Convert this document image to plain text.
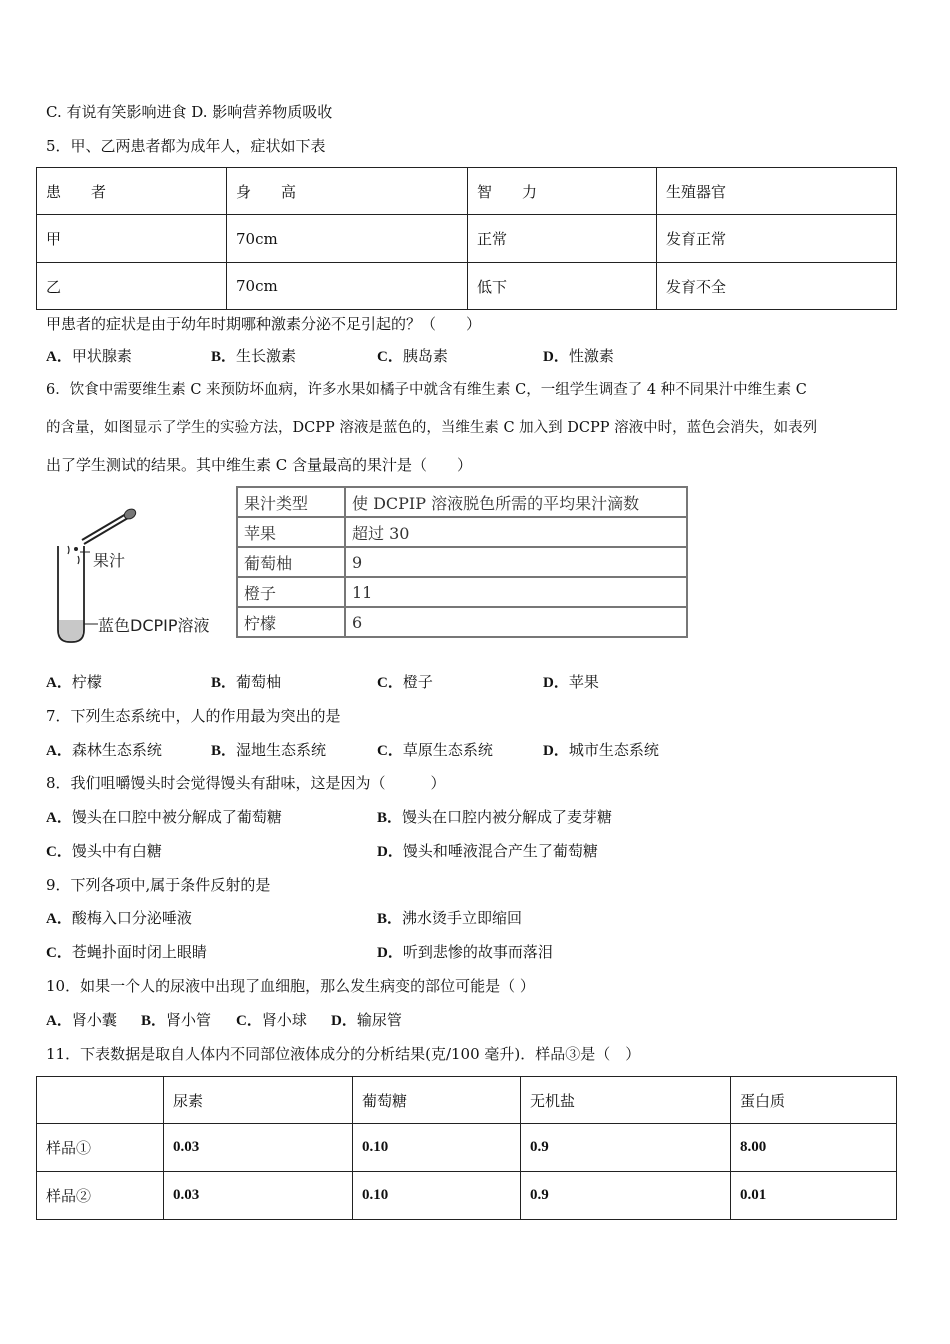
C. 有说有笑影响进食 D. 影响营养物质吸收
5．甲、乙两患者都为成年人，症状如下表
患　　者	身　　高	智　　力	生殖器官
甲	70cm	正常	发育正常
乙	70cm	低下	发育不全
甲患者的症状是由于幼年时期哪种激素分泌不足引起的？（　　）
A．甲状腺素	B．生长激素	C．胰岛素	D．性激素
6．饮食中需要维生素 C 来预防坏血病，许多水果如橘子中就含有维生素 C，一组学生调查了 4 种不同果汁中维生素 C
的含量，如图显示了学生的实验方法，DCPP 溶液是蓝色的，当维生素 C 加入到 DCPP 溶液中时，蓝色会消失，如表列
出了学生测试的结果。其中维生素 C 含量最高的果汁是（　　）
果汁
蓝色DCPIP溶液
果汁类型	使 DCPIP 溶液脱色所需的平均果汁滴数
苹果	超过 30
葡萄柚	9
橙子	11
柠檬	6
A．柠檬	B．葡萄柚	C．橙子	D．苹果
7．下列生态系统中，人的作用最为突出的是
A．森林生态系统	B．湿地生态系统	C．草原生态系统	D．城市生态系统
8．我们咀嚼馒头时会觉得馒头有甜味，这是因为（　　　）
A．馒头在口腔中被分解成了葡萄糖	B．馒头在口腔内被分解成了麦芽糖
C．馒头中有白糖	D．馒头和唾液混合产生了葡萄糖
9．下列各项中,属于条件反射的是
A．酸梅入口分泌唾液	B．沸水烫手立即缩回
C．苍蝇扑面时闭上眼睛	D．听到悲惨的故事而落泪
10．如果一个人的尿液中出现了血细胞，那么发生病变的部位可能是（ ）
A．肾小囊 B．肾小管 C．肾小球 D．输尿管
11．下表数据是取自人体内不同部位液体成分的分析结果(克/100 毫升)．样品③是（　）
	尿素	葡萄糖	无机盐	蛋白质
样品①	0.03	0.10	0.9	8.00
样品②	0.03	0.10	0.9	0.01
